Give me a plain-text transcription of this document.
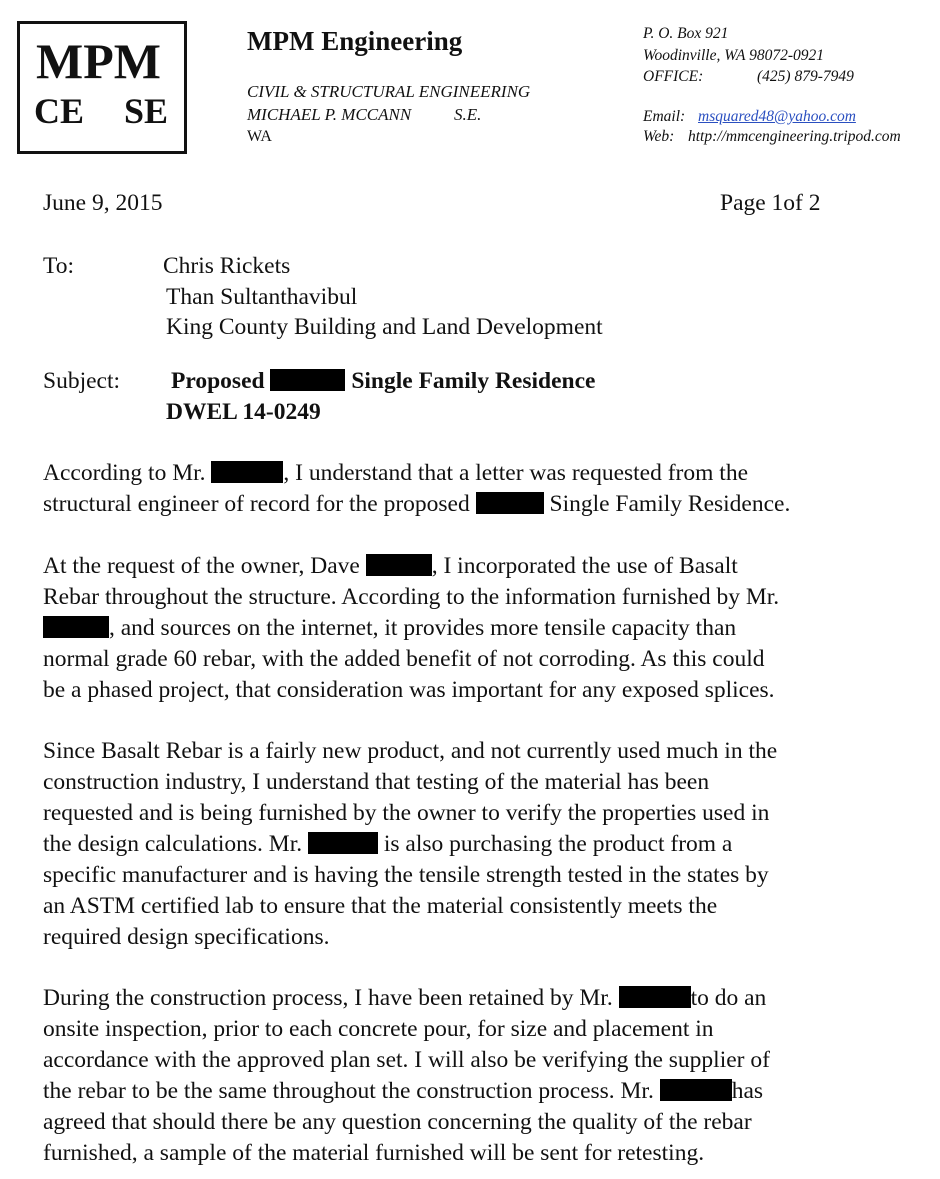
MPM
CE SE
MPM Engineering
CIVIL & STRUCTURAL ENGINEERING
MICHAEL P. MCCANN	S.E.
WA
P. O. Box 921
Woodinville, WA 98072-0921
OFFICE:	(425) 879-7949
Email: msquared48@yahoo.com
Web: http://mmcengineering.tripod.com
June 9, 2015	Page 1of 2
To:	Chris Rickets
Than Sultanthavibul
King County Building and Land Development
Subject: Proposed	Single Family Residence
DWEL 14-0249
According to Mr.	, I understand that a letter was requested from the
structural engineer of record for the proposed	Single Family Residence.
At the request of the owner, Dave	, I incorporated the use of Basalt
Rebar throughout the structure. According to the information furnished by Mr.
, and sources on the internet, it provides more tensile capacity than
normal grade 60 rebar, with the added benefit of not corroding. As this could
be a phased project, that consideration was important for any exposed splices.
Since Basalt Rebar is a fairly new product, and not currently used much in the
construction industry, I understand that testing of the material has been
requested and is being furnished by the owner to verify the properties used in
the design calculations. Mr.	is also purchasing the product from a
specific manufacturer and is having the tensile strength tested in the states by
an ASTM certified lab to ensure that the material consistently meets the
required design specifications.
During the construction process, I have been retained by Mr.	to do an
onsite inspection, prior to each concrete pour, for size and placement in
accordance with the approved plan set. I will also be verifying the supplier of
the rebar to be the same throughout the construction process. Mr.	has
agreed that should there be any question concerning the quality of the rebar
furnished, a sample of the material furnished will be sent for retesting.
